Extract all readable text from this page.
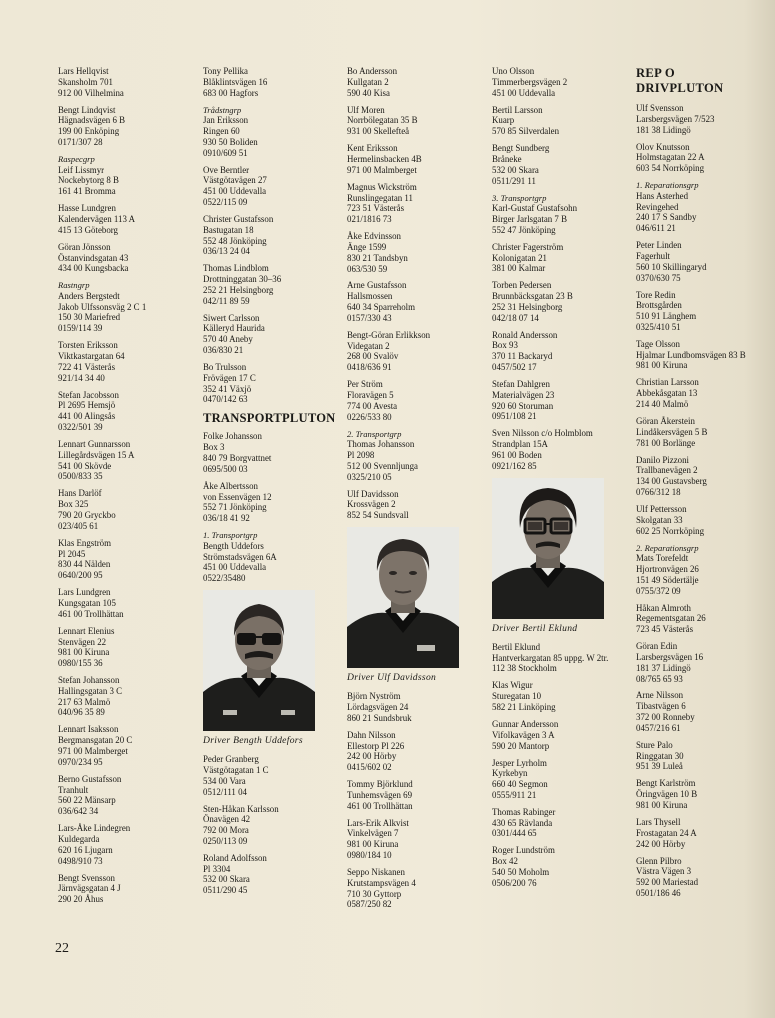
Lars Hellqvist
Skansholm 701
912 00 Vilhelmina
Bengt Lindqvist
Hägnadsvägen 6 B
199 00 Enköping
0171/307 28
Raspecgrp
Leif Lissmyr
Nockebytorg 8 B
161 41 Bromma
Hasse Lundgren
Kalendervägen 113 A
415 13 Göteborg
Göran Jönsson
Östanvindsgatan 43
434 00 Kungsbacka
Rastngrp
Anders Bergstedt
Jakob Ulfssonsväg 2 C 1
150 30 Mariefred
0159/114 39
Torsten Eriksson
Viktkastargatan 64
722 41 Västerås
921/14 34 40
Stefan Jacobsson
Pl 2695 Hemsjö
441 00 Alingsås
0322/501 39
Lennart Gunnarsson
Lillegårdsvägen 15 A
541 00 Skövde
0500/833 35
Hans Darlöf
Box 325
790 20 Gryckbo
023/405 61
Klas Engström
Pl 2045
830 44 Nälden
0640/200 95
Lars Lundgren
Kungsgatan 105
461 00 Trollhättan
Lennart Elenius
Stenvägen 22
981 00 Kiruna
0980/155 36
Stefan Johansson
Hallingsgatan 3 C
217 63 Malmö
040/96 35 89
Lennart Isaksson
Bergmansgatan 20 C
971 00 Malmberget
0970/234 95
Berno Gustafsson
Tranhult
560 22 Mänsarp
036/642 34
Lars-Åke Lindegren
Kuldegarda
620 16 Ljugarn
0498/910 73
Bengt Svensson
Järnvägsgatan 4 J
290 20 Åhus
Tony Pellika
Blåklintsvägen 16
683 00 Hagfors
Trådstngrp
Jan Eriksson
Ringen 60
930 50 Boliden
0910/609 51
Ove Berntler
Västgötavägen 27
451 00 Uddevalla
0522/115 09
Christer Gustafsson
Bastugatan 18
552 48 Jönköping
036/13 24 04
Thomas Lindblom
Drottninggatan 30–36
252 21 Helsingborg
042/11 89 59
Siwert Carlsson
Källeryd Haurida
570 40 Aneby
036/830 21
Bo Trulsson
Frövägen 17 C
352 41 Växjö
0470/142 63
TRANSPORTPLUTON
Folke Johansson
Box 3
840 79 Borgvattnet
0695/500 03
Åke Albertsson
von Essenvägen 12
552 71 Jönköping
036/18 41 92
1. Transportgrp
Bength Uddefors
Strömstadsvägen 6A
451 00 Uddevalla
0522/35480
Driver Bength Uddefors
Peder Granberg
Västgötagatan 1 C
534 00 Vara
0512/111 04
Sten-Håkan Karlsson
Önavägen 42
792 00 Mora
0250/113 09
Roland Adolfsson
Pl 3304
532 00 Skara
0511/290 45
Bo Andersson
Kullgatan 2
590 40 Kisa
Ulf Moren
Norrbölegatan 35 B
931 00 Skellefteå
Kent Eriksson
Hermelinsbacken 4B
971 00 Malmberget
Magnus Wickström
Runslingegatan 11
723 51 Västerås
021/1816 73
Åke Edvinsson
Änge 1599
830 21 Tandsbyn
063/530 59
Arne Gustafsson
Hallsmossen
640 34 Sparreholm
0157/330 43
Bengt-Göran Erlikkson
Videgatan 2
268 00 Svalöv
0418/636 91
Per Ström
Floravägen 5
774 00 Avesta
0226/533 80
2. Transportgrp
Thomas Johansson
Pl 2098
512 00 Svennljunga
0325/210 05
Ulf Davidsson
Krossvägen 2
852 54 Sundsvall
Driver Ulf Davidsson
Björn Nyström
Lördagsvägen 24
860 21 Sundsbruk
Dahn Nilsson
Ellestorp Pl 226
242 00 Hörby
0415/602 02
Tommy Björklund
Tunhemsvägen 69
461 00 Trollhättan
Lars-Erik Alkvist
Vinkelvägen 7
981 00 Kiruna
0980/184 10
Seppo Niskanen
Krutstampsvägen 4
710 30 Gyttorp
0587/250 82
Uno Olsson
Timmerbergsvägen 2
451 00 Uddevalla
Bertil Larsson
Kuarp
570 85 Silverdalen
Bengt Sundberg
Bråneke
532 00 Skara
0511/291 11
3. Transportgrp
Karl-Gustaf Gustafsohn
Birger Jarlsgatan 7 B
552 47 Jönköping
Christer Fagerström
Kolonigatan 21
381 00 Kalmar
Torben Pedersen
Brunnbäcksgatan 23 B
252 31 Helsingborg
042/18 07 14
Ronald Andersson
Box 93
370 11 Backaryd
0457/502 17
Stefan Dahlgren
Materialvägen 23
920 60 Storuman
0951/108 21
Sven Nilsson c/o Holmblom
Strandplan 15A
961 00 Boden
0921/162 85
Driver Bertil Eklund
Bertil Eklund
Hantverkargatan 85 uppg. W 2tr.
112 38 Stockholm
Klas Wigur
Sturegatan 10
582 21 Linköping
Gunnar Andersson
Vifolkavägen 3 A
590 20 Mantorp
Jesper Lyrholm
Kyrkebyn
660 40 Segmon
0555/911 21
Thomas Rabinger
430 65 Rävlanda
0301/444 65
Roger Lundström
Box 42
540 50 Moholm
0506/200 76
REP O
DRIVPLUTON
Ulf Svensson
Larsbergsvägen 7/523
181 38 Lidingö
Olov Knutsson
Holmstagatan 22 A
603 54 Norrköping
1. Reparationsgrp
Hans Asterhed
Revingehed
240 17 S Sandby
046/611 21
Peter Linden
Fagerhult
560 10 Skillingaryd
0370/630 75
Tore Redin
Brottsgården
510 91 Länghem
0325/410 51
Tage Olsson
Hjalmar Lundbomsvägen 83 B
981 00 Kiruna
Christian Larsson
Abbekåsgatan 13
214 40 Malmö
Göran Åkerstein
Lindåkersvägen 5 B
781 00 Borlänge
Danilo Pizzoni
Trallbanevägen 2
134 00 Gustavsberg
0766/312 18
Ulf Pettersson
Skolgatan 33
602 25 Norrköping
2. Reparationsgrp
Mats Torefeldt
Hjortronvägen 26
151 49 Södertälje
0755/372 09
Håkan Almroth
Regementsgatan 26
723 45 Västerås
Göran Edin
Larsbergsvägen 16
181 37 Lidingö
08/765 65 93
Arne Nilsson
Tibastvägen 6
372 00 Ronneby
0457/216 61
Sture Palo
Ringgatan 30
951 39 Luleå
Bengt Karlström
Öringvägen 10 B
981 00 Kiruna
Lars Thysell
Frostagatan 24 A
242 00 Hörby
Glenn Pilbro
Västra Vägen 3
592 00 Mariestad
0501/186 46
22
